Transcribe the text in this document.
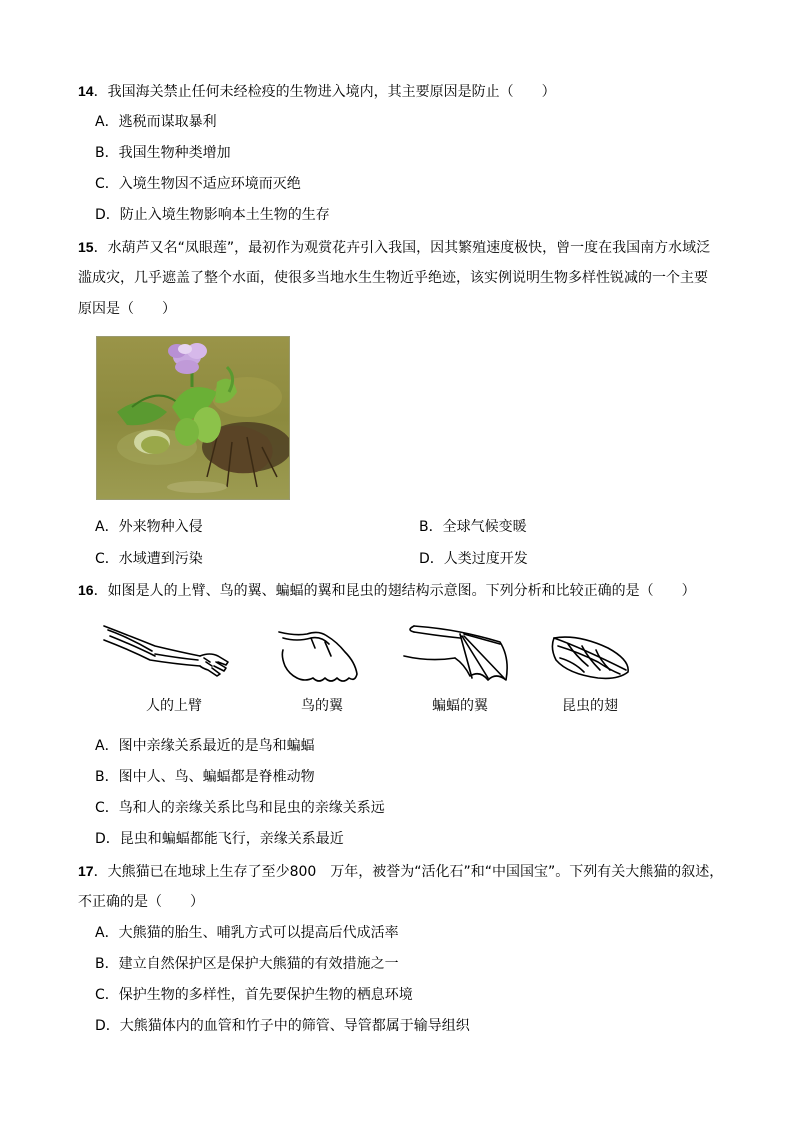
14．我国海关禁止任何未经检疫的生物进入境内，其主要原因是防止（　　）
A．逃税而谋取暴利
B．我国生物种类增加
C．入境生物因不适应环境而灭绝
D．防止入境生物影响本土生物的生存
15．水葫芦又名“凤眼莲”，最初作为观赏花卉引入我国，因其繁殖速度极快，曾一度在我国南方水域泛
滥成灾，几乎遮盖了整个水面，使很多当地水生生物近乎绝迹，该实例说明生物多样性锐减的一个主要
原因是（　　）
A．外来物种入侵	B．全球气候变暖
C．水域遭到污染	D．人类过度开发
16．如图是人的上臂、鸟的翼、蝙蝠的翼和昆虫的翅结构示意图。下列分析和比较正确的是（　　）
人的上臂	鸟的翼	蝙蝠的翼	昆虫的翅
A．图中亲缘关系最近的是鸟和蝙蝠
B．图中人、鸟、蝙蝠都是脊椎动物
C．鸟和人的亲缘关系比鸟和昆虫的亲缘关系远
D．昆虫和蝙蝠都能飞行，亲缘关系最近
17．大熊猫已在地球上生存了至少800　万年，被誉为“活化石”和“中国国宝”。下列有关大熊猫的叙述，
不正确的是（　　）
A．大熊猫的胎生、哺乳方式可以提高后代成活率
B．建立自然保护区是保护大熊猫的有效措施之一
C．保护生物的多样性，首先要保护生物的栖息环境
D．大熊猫体内的血管和竹子中的筛管、导管都属于输导组织
